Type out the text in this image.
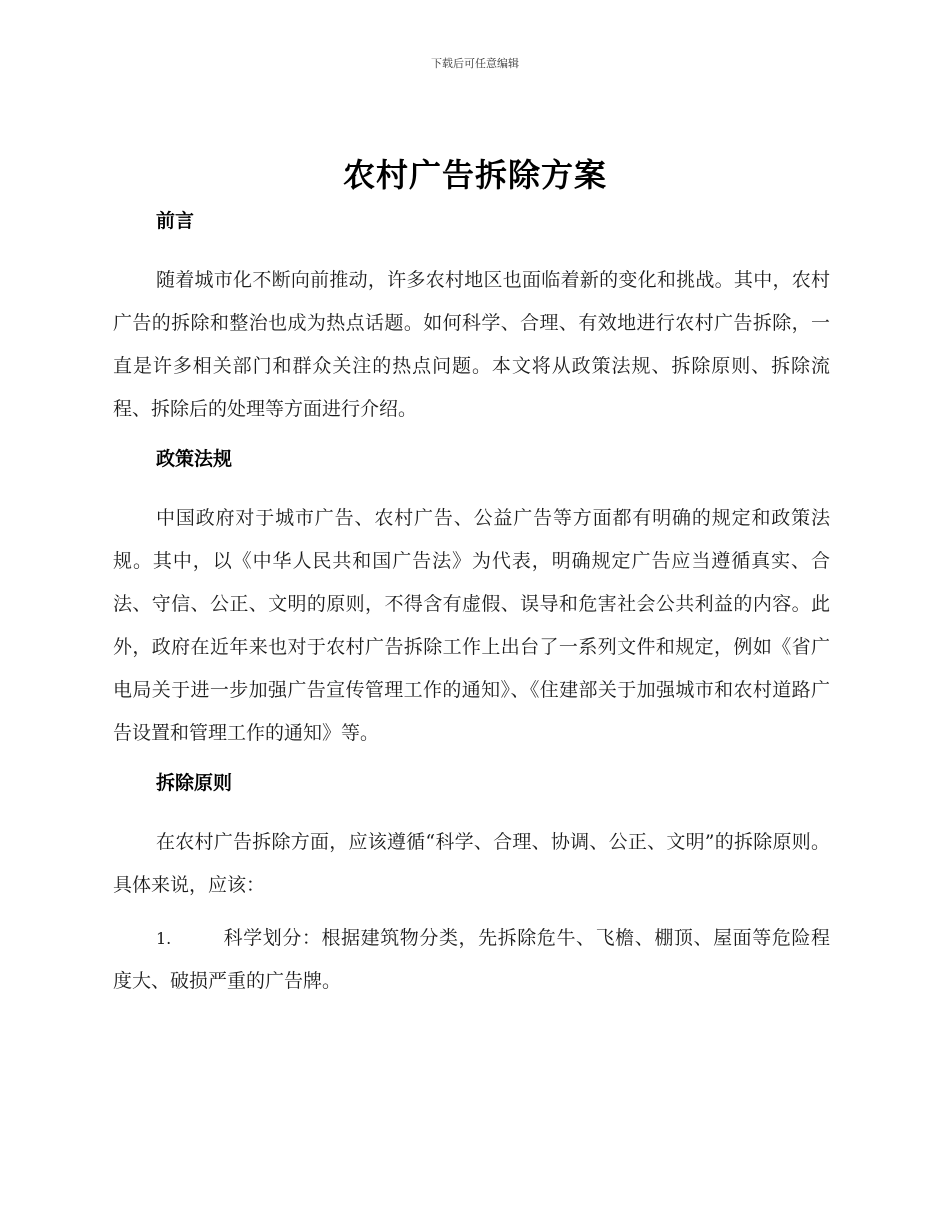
下载后可任意编辑
农村广告拆除方案
前言

随着城市化不断向前推动，许多农村地区也面临着新的变化和挑战。其中，农村广告的拆除和整治也成为热点话题。如何科学、合理、有效地进行农村广告拆除，一直是许多相关部门和群众关注的热点问题。本文将从政策法规、拆除原则、拆除流程、拆除后的处理等方面进行介绍。

政策法规

中国政府对于城市广告、农村广告、公益广告等方面都有明确的规定和政策法规。其中，以《中华人民共和国广告法》为代表，明确规定广告应当遵循真实、合法、守信、公正、文明的原则，不得含有虚假、误导和危害社会公共利益的内容。此外，政府在近年来也对于农村广告拆除工作上出台了一系列文件和规定，例如《省广电局关于进一步加强广告宣传管理工作的通知》、《住建部关于加强城市和农村道路广告设置和管理工作的通知》等。

拆除原则

在农村广告拆除方面，应该遵循“科学、合理、协调、公正、文明”的拆除原则。具体来说，应该：

1.	科学划分：根据建筑物分类，先拆除危牛、飞檐、棚顶、屋面等危险程度大、破损严重的广告牌。
